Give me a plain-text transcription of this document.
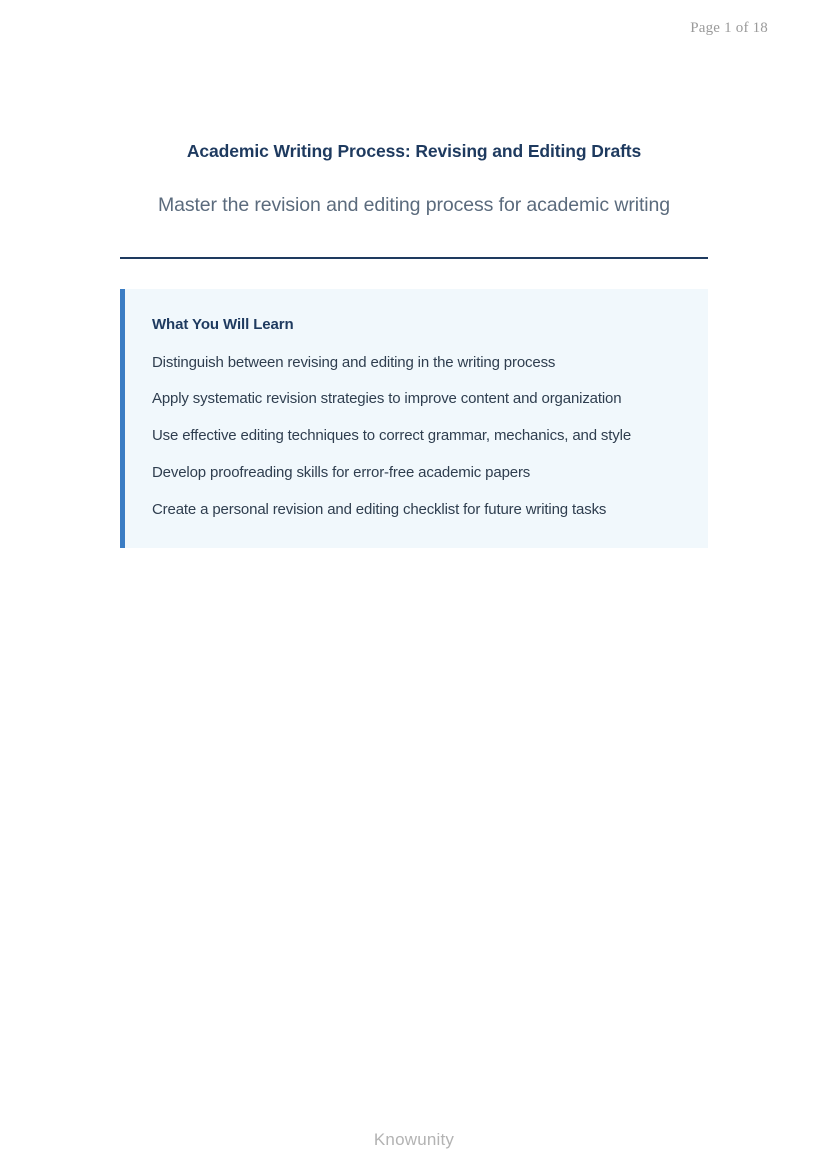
Page 1 of 18
Academic Writing Process: Revising and Editing Drafts

Master the revision and editing process for academic writing

What You Will Learn
Distinguish between revising and editing in the writing process
Apply systematic revision strategies to improve content and organization
Use effective editing techniques to correct grammar, mechanics, and style
Develop proofreading skills for error-free academic papers
Create a personal revision and editing checklist for future writing tasks
Knowunity
